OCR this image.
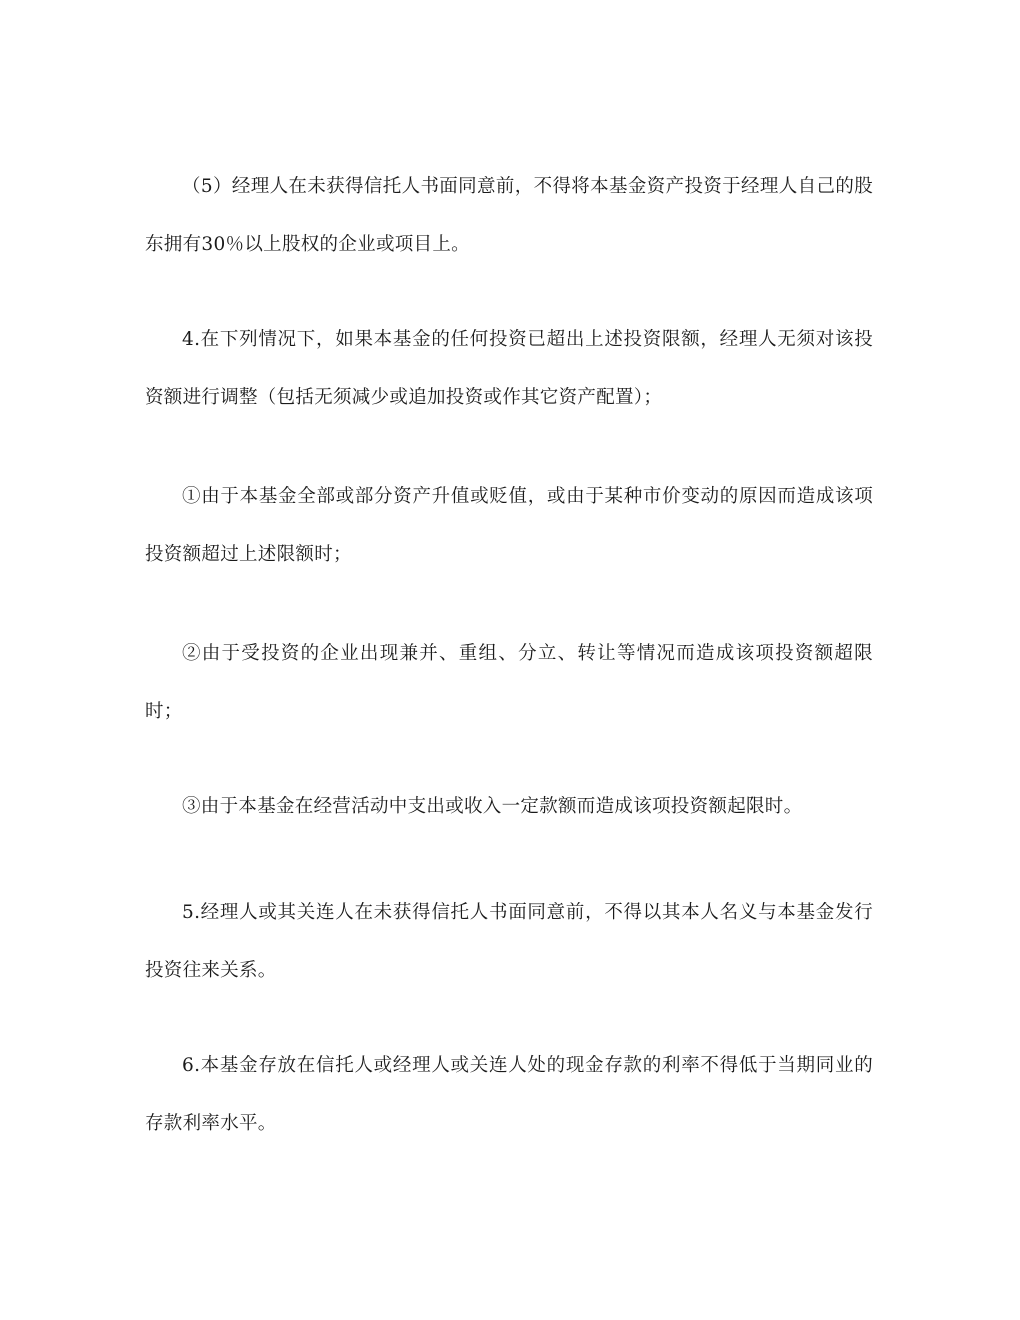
（5）经理人在未获得信托人书面同意前，不得将本基金资产投资于经理人自己的股东拥有30％以上股权的企业或项目上。

4.在下列情况下，如果本基金的任何投资已超出上述投资限额，经理人无须对该投资额进行调整（包括无须减少或追加投资或作其它资产配置）；

①由于本基金全部或部分资产升值或贬值，或由于某种市价变动的原因而造成该项投资额超过上述限额时；

②由于受投资的企业出现兼并、重组、分立、转让等情况而造成该项投资额超限时；

③由于本基金在经营活动中支出或收入一定款额而造成该项投资额起限时。

5.经理人或其关连人在未获得信托人书面同意前，不得以其本人名义与本基金发行投资往来关系。

6.本基金存放在信托人或经理人或关连人处的现金存款的利率不得低于当期同业的存款利率水平。
